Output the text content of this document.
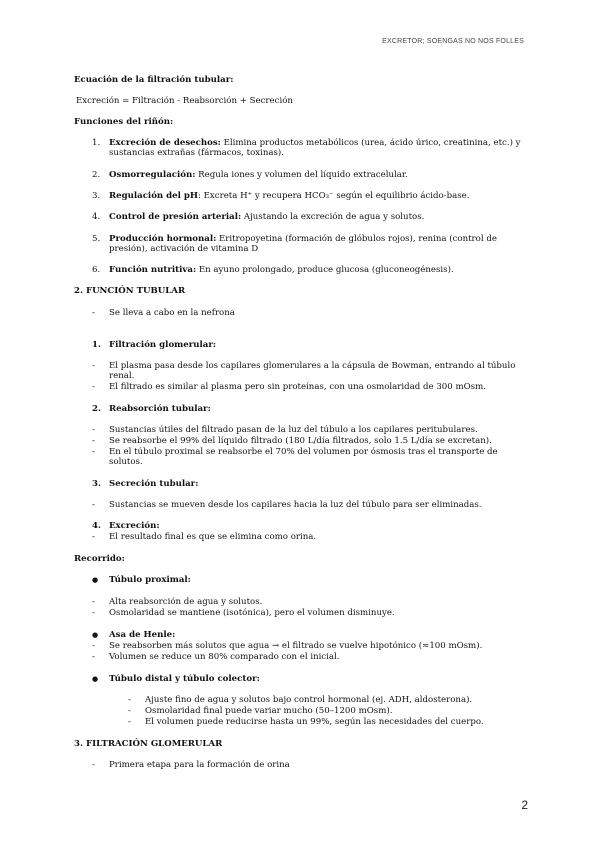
EXCRETOR; SOENGAS NO NOS FOLLES
Ecuación de la filtración tubular:
Excreción = Filtración - Reabsorción + Secreción
Funciones del riñón:
1. Excreción de desechos: Elimina productos metabólicos (urea, ácido úrico, creatinina, etc.) y
sustancias extrañas (fármacos, toxinas).
2. Osmorregulación: Regula iones y volumen del líquido extracelular.
3. Regulación del pH: Excreta H⁺ y recupera HCO₃⁻ según el equilibrio ácido-base.
4. Control de presión arterial: Ajustando la excreción de agua y solutos.
5. Producción hormonal: Eritropoyetina (formación de glóbulos rojos), renina (control de
presión), activación de vitamina D
6. Función nutritiva: En ayuno prolongado, produce glucosa (gluconeogénesis).
2. FUNCIÓN TUBULAR
- Se lleva a cabo en la nefrona
1. Filtración glomerular:
- El plasma pasa desde los capilares glomerulares a la cápsula de Bowman, entrando al túbulo
renal.
- El filtrado es similar al plasma pero sin proteínas, con una osmolaridad de 300 mOsm.
2. Reabsorción tubular:
- Sustancias útiles del filtrado pasan de la luz del túbulo a los capilares peritubulares.
- Se reabsorbe el 99% del líquido filtrado (180 L/día filtrados, solo 1.5 L/día se excretan).
- En el túbulo proximal se reabsorbe el 70% del volumen por ósmosis tras el transporte de
solutos.
3. Secreción tubular:
- Sustancias se mueven desde los capilares hacia la luz del túbulo para ser eliminadas.
4. Excreción:
- El resultado final es que se elimina como orina.
Recorrido:
● Túbulo proximal:
- Alta reabsorción de agua y solutos.
- Osmolaridad se mantiene (isotónica), pero el volumen disminuye.
● Asa de Henle:
- Se reabsorben más solutos que agua → el filtrado se vuelve hipotónico (≈100 mOsm).
- Volumen se reduce un 80% comparado con el inicial.
● Túbulo distal y túbulo colector:
- Ajuste fino de agua y solutos bajo control hormonal (ej. ADH, aldosterona).
- Osmolaridad final puede variar mucho (50–1200 mOsm).
- El volumen puede reducirse hasta un 99%, según las necesidades del cuerpo.
3. FILTRACIÓN GLOMERULAR
- Primera etapa para la formación de orina
2
